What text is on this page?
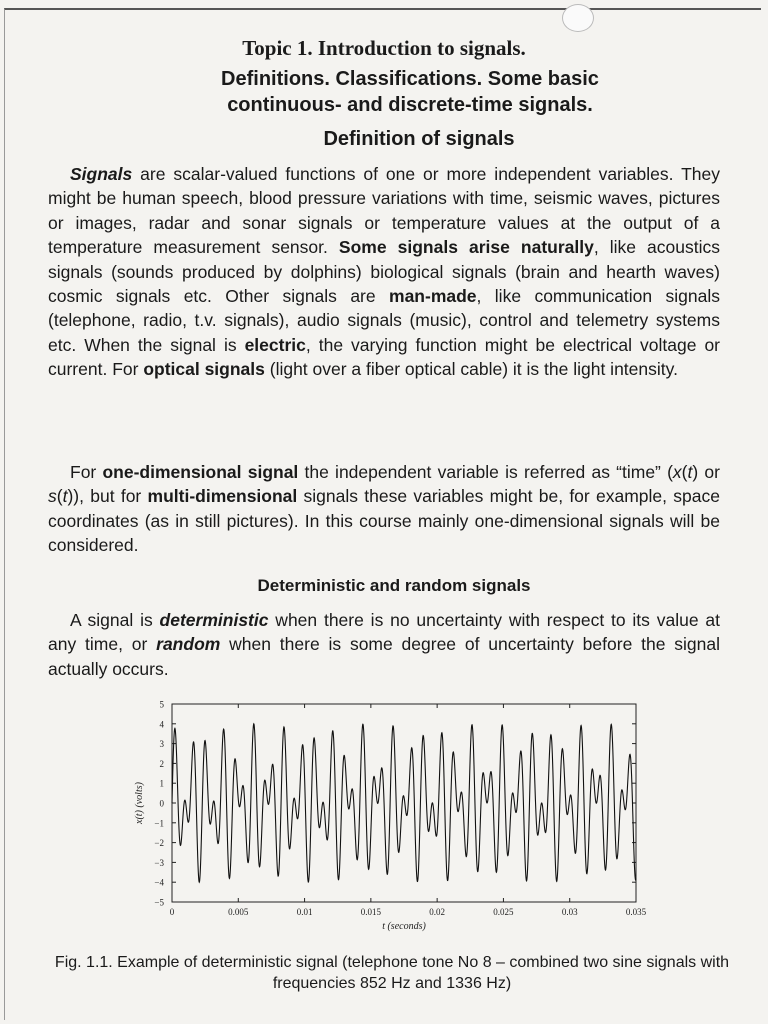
Topic 1. Introduction to signals.
Definitions. Classifications. Some basic
continuous- and discrete-time signals.
Definition of signals

Signals are scalar-valued functions of one or more independent variables. They might be human speech, blood pressure variations with time, seismic waves, pictures or images, radar and sonar signals or temperature values at the output of a temperature measurement sensor. Some signals arise naturally, like acoustics signals (sounds produced by dolphins) biological signals (brain and hearth waves) cosmic signals etc. Other signals are man-made, like communication signals (telephone, radio, t.v. signals), audio signals (music), control and telemetry systems etc. When the signal is electric, the varying function might be electrical voltage or current. For optical signals (light over a fiber optical cable) it is the light intensity.

For one-dimensional signal the independent variable is referred as “time” (x(t) or s(t)), but for multi-dimensional signals these variables might be, for example, space coordinates (as in still pictures). In this course mainly one-dimensional signals will be considered.

Deterministic and random signals

A signal is deterministic when there is no uncertainty with respect to its value at any time, or random when there is some degree of uncertainty before the signal actually occurs.

5
4
3
2
1
0
−1
−2
−3
−4
−5
0	0.005	0.01	0.015	0.02	0.025	0.03	0.035
t (seconds)
x(t) (volts)

Fig. 1.1. Example of deterministic signal (telephone tone No 8 – combined two sine signals with frequencies 852 Hz and 1336 Hz)
